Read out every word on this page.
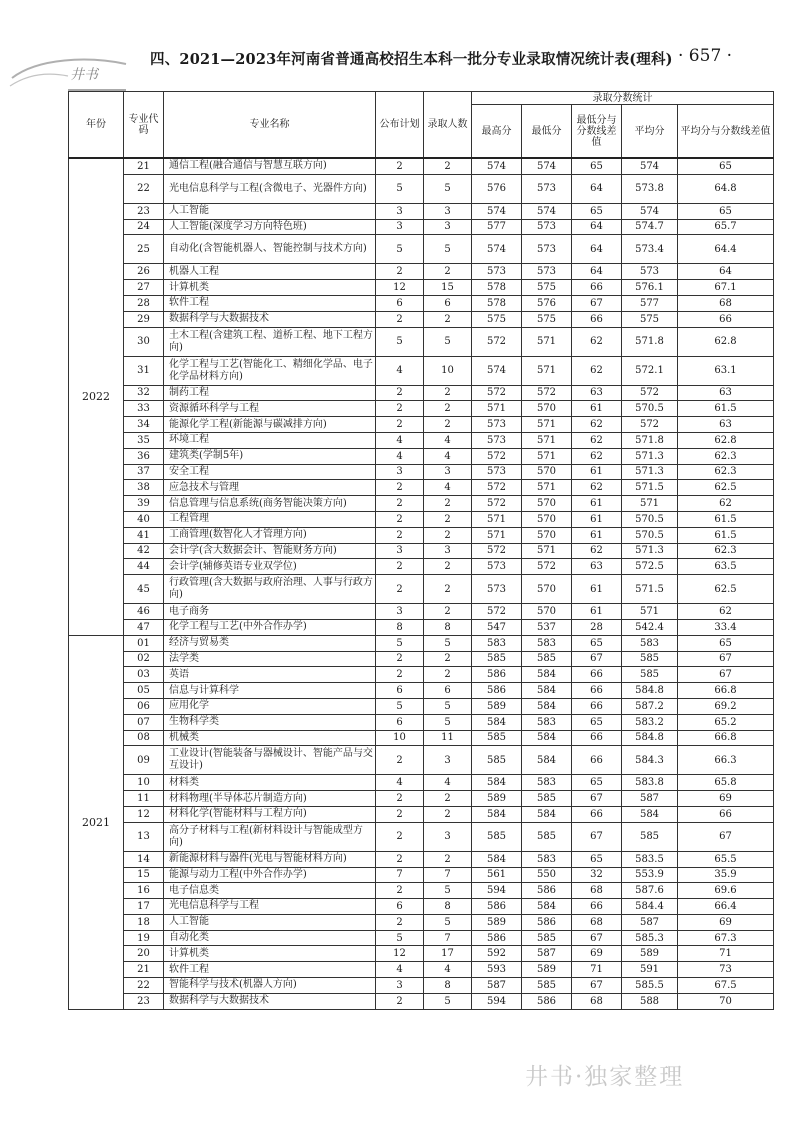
井书
四、2021—2023年河南省普通高校招生本科一批分专业录取情况统计表(理科) · 657 ·
年份	专业代码	专业名称	公布计划	录取人数	录取分数统计				
					最高分	最低分	最低分与分数线差值	平均分	平均分与分数线差值
2022	21	通信工程(融合通信与智慧互联方向)	2	2	574	574	65	574	65
	22	光电信息科学与工程(含微电子、光器件方向)	5	5	576	573	64	573.8	64.8
	23	人工智能	3	3	574	574	65	574	65
	24	人工智能(深度学习方向特色班)	3	3	577	573	64	574.7	65.7
	25	自动化(含智能机器人、智能控制与技术方向)	5	5	574	573	64	573.4	64.4
	26	机器人工程	2	2	573	573	64	573	64
	27	计算机类	12	15	578	575	66	576.1	67.1
	28	软件工程	6	6	578	576	67	577	68
	29	数据科学与大数据技术	2	2	575	575	66	575	66
	30	土木工程(含建筑工程、道桥工程、地下工程方向)	5	5	572	571	62	571.8	62.8
	31	化学工程与工艺(智能化工、精细化学品、电子化学品材料方向)	4	10	574	571	62	572.1	63.1
	32	制药工程	2	2	572	572	63	572	63
	33	资源循环科学与工程	2	2	571	570	61	570.5	61.5
	34	能源化学工程(新能源与碳减排方向)	2	2	573	571	62	572	63
	35	环境工程	4	4	573	571	62	571.8	62.8
	36	建筑类(学制5年)	4	4	572	571	62	571.3	62.3
	37	安全工程	3	3	573	570	61	571.3	62.3
	38	应急技术与管理	2	4	572	571	62	571.5	62.5
	39	信息管理与信息系统(商务智能决策方向)	2	2	572	570	61	571	62
	40	工程管理	2	2	571	570	61	570.5	61.5
	41	工商管理(数智化人才管理方向)	2	2	571	570	61	570.5	61.5
	42	会计学(含大数据会计、智能财务方向)	3	3	572	571	62	571.3	62.3
	44	会计学(辅修英语专业双学位)	2	2	573	572	63	572.5	63.5
	45	行政管理(含大数据与政府治理、人事与行政方向)	2	2	573	570	61	571.5	62.5
	46	电子商务	3	2	572	570	61	571	62
	47	化学工程与工艺(中外合作办学)	8	8	547	537	28	542.4	33.4
2021	01	经济与贸易类	5	5	583	583	65	583	65
	02	法学类	2	2	585	585	67	585	67
	03	英语	2	2	586	584	66	585	67
	05	信息与计算科学	6	6	586	584	66	584.8	66.8
	06	应用化学	5	5	589	584	66	587.2	69.2
	07	生物科学类	6	5	584	583	65	583.2	65.2
	08	机械类	10	11	585	584	66	584.8	66.8
	09	工业设计(智能装备与器械设计、智能产品与交互设计)	2	3	585	584	66	584.3	66.3
	10	材料类	4	4	584	583	65	583.8	65.8
	11	材料物理(半导体芯片制造方向)	2	2	589	585	67	587	69
	12	材料化学(智能材料与工程方向)	2	2	584	584	66	584	66
	13	高分子材料与工程(新材料设计与智能成型方向)	2	3	585	585	67	585	67
	14	新能源材料与器件(光电与智能材料方向)	2	2	584	583	65	583.5	65.5
	15	能源与动力工程(中外合作办学)	7	7	561	550	32	553.9	35.9
	16	电子信息类	2	5	594	586	68	587.6	69.6
	17	光电信息科学与工程	6	8	586	584	66	584.4	66.4
	18	人工智能	2	5	589	586	68	587	69
	19	自动化类	5	7	586	585	67	585.3	67.3
	20	计算机类	12	17	592	587	69	589	71
	21	软件工程	4	4	593	589	71	591	73
	22	智能科学与技术(机器人方向)	3	8	587	585	67	585.5	67.5
	23	数据科学与大数据技术	2	5	594	586	68	588	70
井书·独家整理
